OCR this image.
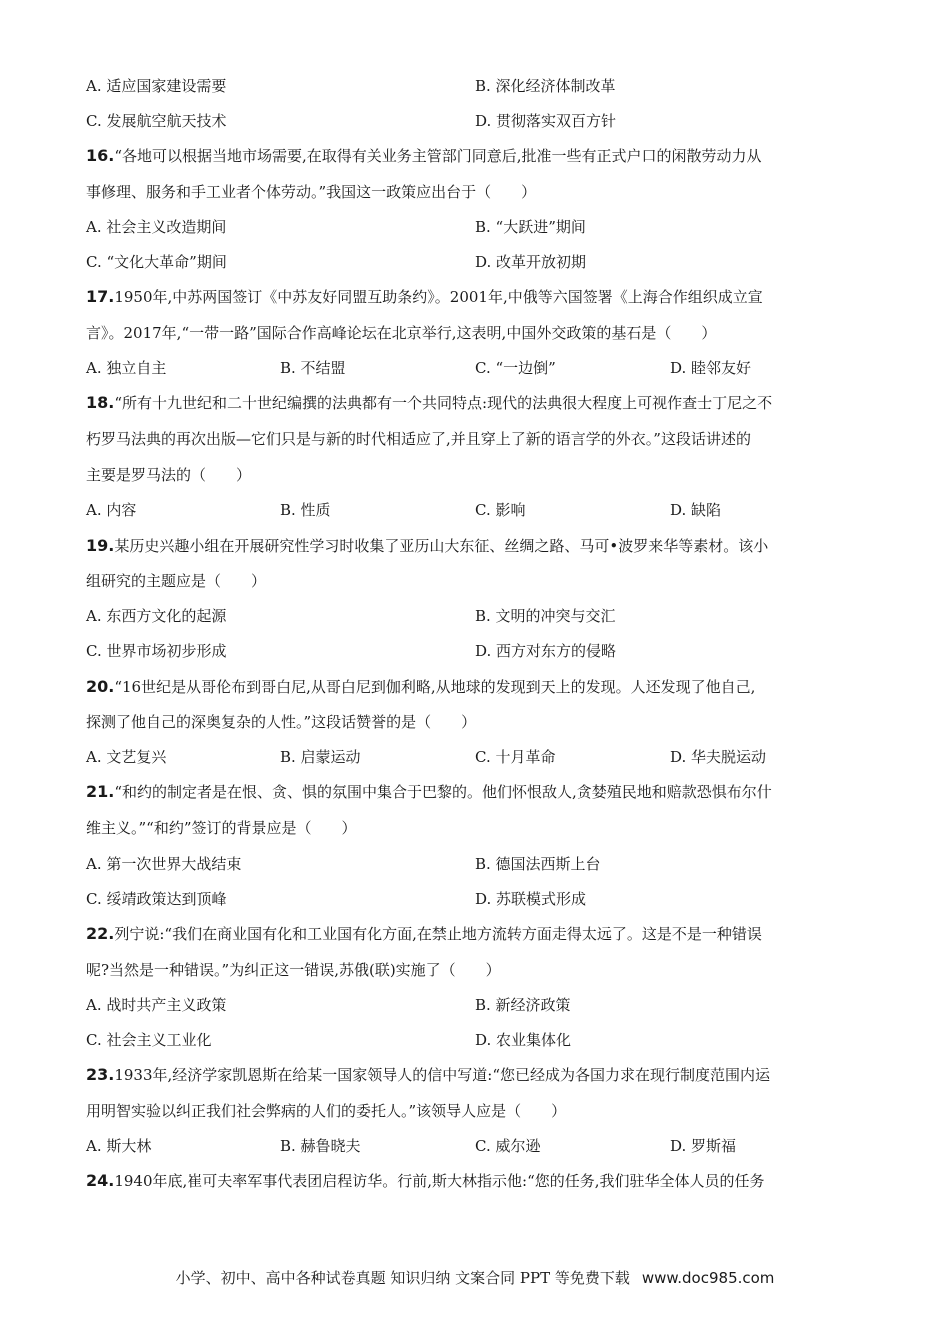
A. 适应国家建设需要	B. 深化经济体制改革
C. 发展航空航天技术	D. 贯彻落实双百方针
16.“各地可以根据当地市场需要,在取得有关业务主管部门同意后,批准一些有正式户口的闲散劳动力从
事修理、服务和手工业者个体劳动。”我国这一政策应出台于（　　）
A. 社会主义改造期间	B. “大跃进”期间
C. “文化大革命”期间	D. 改革开放初期
17.1950年,中苏两国签订《中苏友好同盟互助条约》。2001年,中俄等六国签署《上海合作组织成立宣
言》。2017年,“一带一路”国际合作高峰论坛在北京举行,这表明,中国外交政策的基石是（　　）
A. 独立自主	B. 不结盟	C. “一边倒”	D. 睦邻友好
18.“所有十九世纪和二十世纪编撰的法典都有一个共同特点:现代的法典很大程度上可视作查士丁尼之不
朽罗马法典的再次出版—它们只是与新的时代相适应了,并且穿上了新的语言学的外衣。”这段话讲述的
主要是罗马法的（　　）
A. 内容	B. 性质	C. 影响	D. 缺陷
19.某历史兴趣小组在开展研究性学习时收集了亚历山大东征、丝绸之路、马可•波罗来华等素材。该小
组研究的主题应是（　　）
A. 东西方文化的起源	B. 文明的冲突与交汇
C. 世界市场初步形成	D. 西方对东方的侵略
20.“16世纪是从哥伦布到哥白尼,从哥白尼到伽利略,从地球的发现到天上的发现。人还发现了他自己,
探测了他自己的深奥复杂的人性。”这段话赞誉的是（　　）
A. 文艺复兴	B. 启蒙运动	C. 十月革命	D. 华夫脱运动
21.“和约的制定者是在恨、贪、惧的氛围中集合于巴黎的。他们怀恨敌人,贪婪殖民地和赔款恐惧布尔什
维主义。”“和约”签订的背景应是（　　）
A. 第一次世界大战结束	B. 德国法西斯上台
C. 绥靖政策达到顶峰	D. 苏联模式形成
22.列宁说:“我们在商业国有化和工业国有化方面,在禁止地方流转方面走得太远了。这是不是一种错误
呢?当然是一种错误。”为纠正这一错误,苏俄(联)实施了（　　）
A. 战时共产主义政策	B. 新经济政策
C. 社会主义工业化	D. 农业集体化
23.1933年,经济学家凯恩斯在给某一国家领导人的信中写道:“您已经成为各国力求在现行制度范围内运
用明智实验以纠正我们社会弊病的人们的委托人。”该领导人应是（　　）
A. 斯大林	B. 赫鲁晓夫	C. 威尔逊	D. 罗斯福
24.1940年底,崔可夫率军事代表团启程访华。行前,斯大林指示他:“您的任务,我们驻华全体人员的任务
小学、初中、高中各种试卷真题 知识归纳 文案合同 PPT 等免费下载 www.doc985.com
